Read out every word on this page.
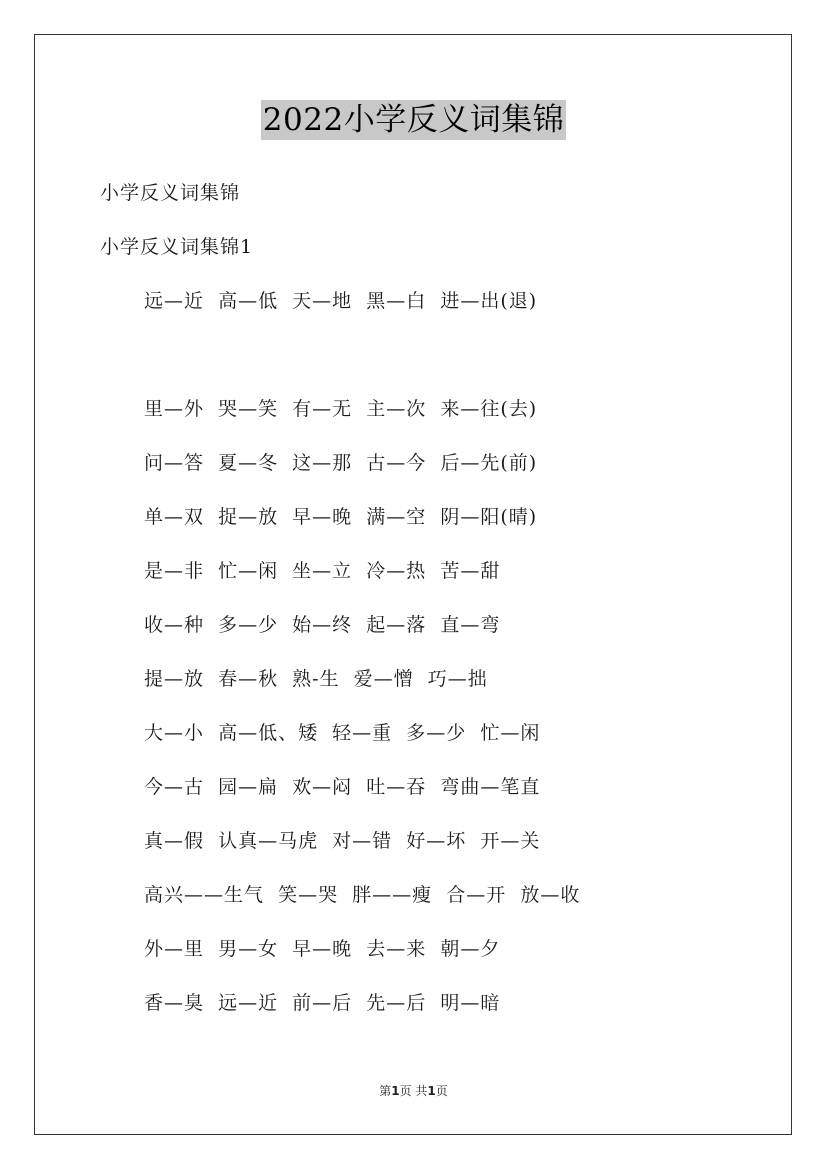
2022小学反义词集锦
小学反义词集锦
小学反义词集锦1
远—近  高—低  天—地  黑—白  进—出(退)
里—外  哭—笑  有—无  主—次  来—往(去)
问—答  夏—冬  这—那  古—今  后—先(前)
单—双  捉—放  早—晚  满—空  阴—阳(晴)
是—非  忙—闲  坐—立  冷—热  苦—甜
收—种  多—少  始—终  起—落  直—弯
提—放  春—秋  熟-生  爱—憎  巧—拙
大—小  高—低、矮  轻—重  多—少  忙—闲
今—古  园—扁  欢—闷  吐—吞  弯曲—笔直
真—假  认真—马虎  对—错  好—坏  开—关
高兴——生气  笑—哭  胖——瘦  合—开  放—收
外—里  男—女  早—晚  去—来  朝—夕
香—臭  远—近  前—后  先—后  明—暗
第1页 共1页
